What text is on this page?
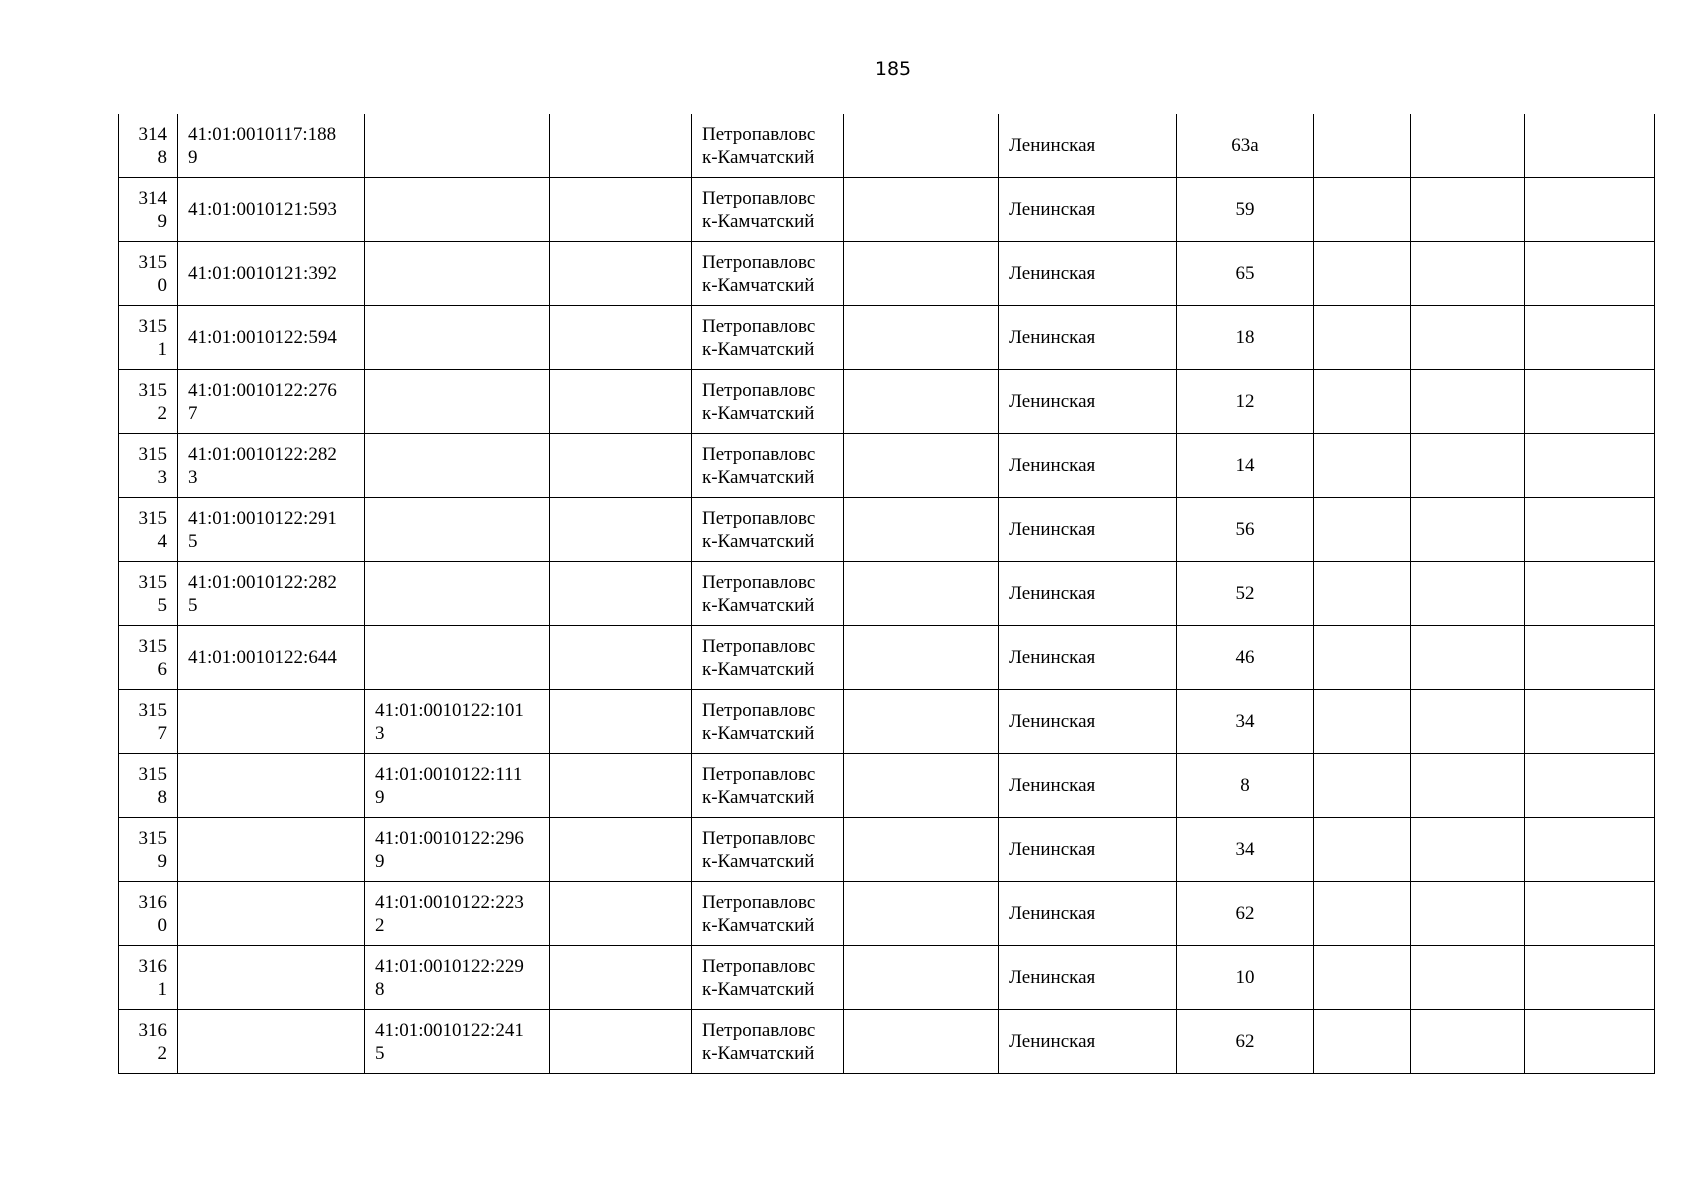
185
314
8	41:01:0010117:188
9			Петропавловс
к-Камчатский		Ленинская	63а			

314
9	41:01:0010121:593			Петропавловс
к-Камчатский		Ленинская	59			

315
0	41:01:0010121:392			Петропавловс
к-Камчатский		Ленинская	65			

315
1	41:01:0010122:594			Петропавловс
к-Камчатский		Ленинская	18			

315
2	41:01:0010122:276
7			Петропавловс
к-Камчатский		Ленинская	12			

315
3	41:01:0010122:282
3			Петропавловс
к-Камчатский		Ленинская	14			

315
4	41:01:0010122:291
5			Петропавловс
к-Камчатский		Ленинская	56			

315
5	41:01:0010122:282
5			Петропавловс
к-Камчатский		Ленинская	52			

315
6	41:01:0010122:644			Петропавловс
к-Камчатский		Ленинская	46			

315
7		41:01:0010122:101
3		Петропавловс
к-Камчатский		Ленинская	34			

315
8		41:01:0010122:111
9		Петропавловс
к-Камчатский		Ленинская	8			

315
9		41:01:0010122:296
9		Петропавловс
к-Камчатский		Ленинская	34			

316
0		41:01:0010122:223
2		Петропавловс
к-Камчатский		Ленинская	62			

316
1		41:01:0010122:229
8		Петропавловс
к-Камчатский		Ленинская	10			

316
2		41:01:0010122:241
5		Петропавловс
к-Камчатский		Ленинская	62			
